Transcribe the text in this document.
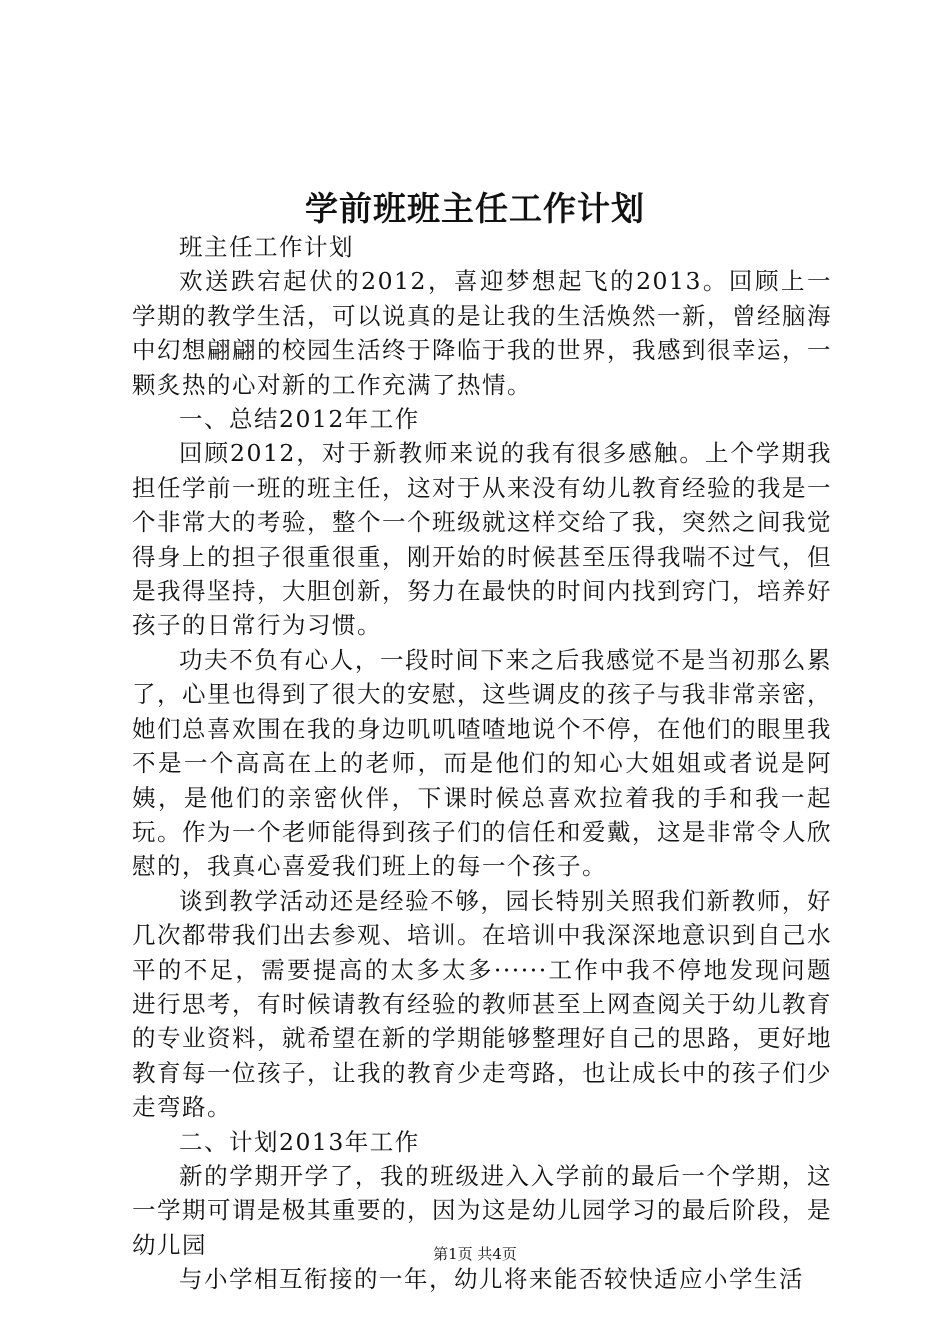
学前班班主任工作计划

班主任工作计划

欢送跌宕起伏的2012，喜迎梦想起飞的2013。回顾上一学期的教学生活，可以说真的是让我的生活焕然一新，曾经脑海中幻想翩翩的校园生活终于降临于我的世界，我感到很幸运，一颗炙热的心对新的工作充满了热情。

一、总结2012年工作

回顾2012，对于新教师来说的我有很多感触。上个学期我担任学前一班的班主任，这对于从来没有幼儿教育经验的我是一个非常大的考验，整个一个班级就这样交给了我，突然之间我觉得身上的担子很重很重，刚开始的时候甚至压得我喘不过气，但是我得坚持，大胆创新，努力在最快的时间内找到窍门，培养好孩子的日常行为习惯。

功夫不负有心人，一段时间下来之后我感觉不是当初那么累了，心里也得到了很大的安慰，这些调皮的孩子与我非常亲密，她们总喜欢围在我的身边叽叽喳喳地说个不停，在他们的眼里我不是一个高高在上的老师，而是他们的知心大姐姐或者说是阿姨，是他们的亲密伙伴，下课时候总喜欢拉着我的手和我一起玩。作为一个老师能得到孩子们的信任和爱戴，这是非常令人欣慰的，我真心喜爱我们班上的每一个孩子。

谈到教学活动还是经验不够，园长特别关照我们新教师，好几次都带我们出去参观、培训。在培训中我深深地意识到自己水平的不足，需要提高的太多太多······工作中我不停地发现问题进行思考，有时候请教有经验的教师甚至上网查阅关于幼儿教育的专业资料，就希望在新的学期能够整理好自己的思路，更好地教育每一位孩子，让我的教育少走弯路，也让成长中的孩子们少走弯路。

二、计划2013年工作

新的学期开学了，我的班级进入入学前的最后一个学期，这一学期可谓是极其重要的，因为这是幼儿园学习的最后阶段，是幼儿园

与小学相互衔接的一年，幼儿将来能否较快适应小学生活

第1页 共4页
